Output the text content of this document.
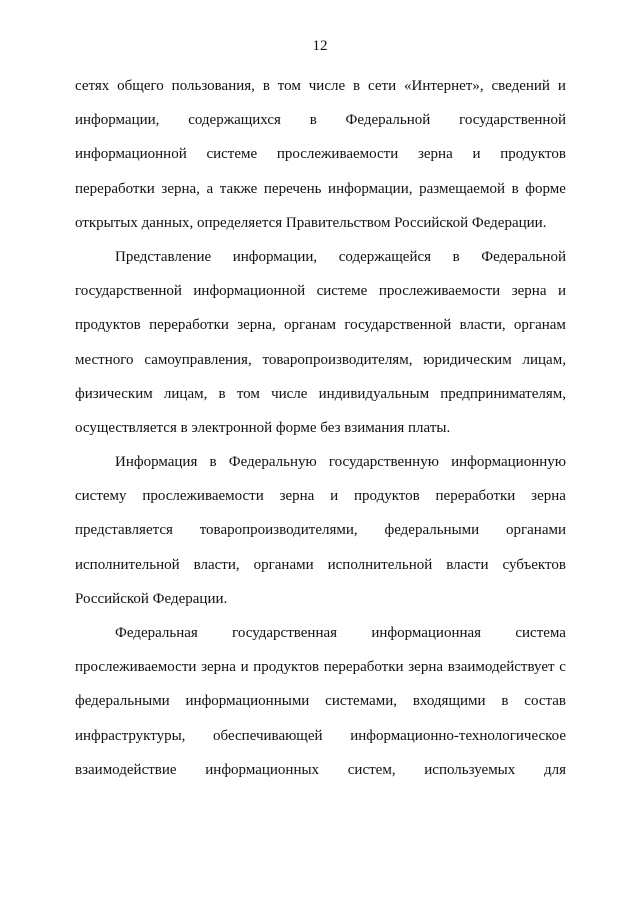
12
сетях общего пользования, в том числе в сети «Интернет», сведений и
информации, содержащихся в Федеральной государственной
информационной системе прослеживаемости зерна и продуктов
переработки зерна, а также перечень информации, размещаемой в форме
открытых данных, определяется Правительством Российской Федерации.
Представление информации, содержащейся в Федеральной
государственной информационной системе прослеживаемости зерна и
продуктов переработки зерна, органам государственной власти, органам
местного самоуправления, товаропроизводителям, юридическим лицам,
физическим лицам, в том числе индивидуальным предпринимателям,
осуществляется в электронной форме без взимания платы.
Информация в Федеральную государственную информационную
систему прослеживаемости зерна и продуктов переработки зерна
представляется товаропроизводителями, федеральными органами
исполнительной власти, органами исполнительной власти субъектов
Российской Федерации.
Федеральная государственная информационная система
прослеживаемости зерна и продуктов переработки зерна взаимодействует с
федеральными информационными системами, входящими в состав
инфраструктуры, обеспечивающей информационно-технологическое
взаимодействие информационных систем, используемых для
